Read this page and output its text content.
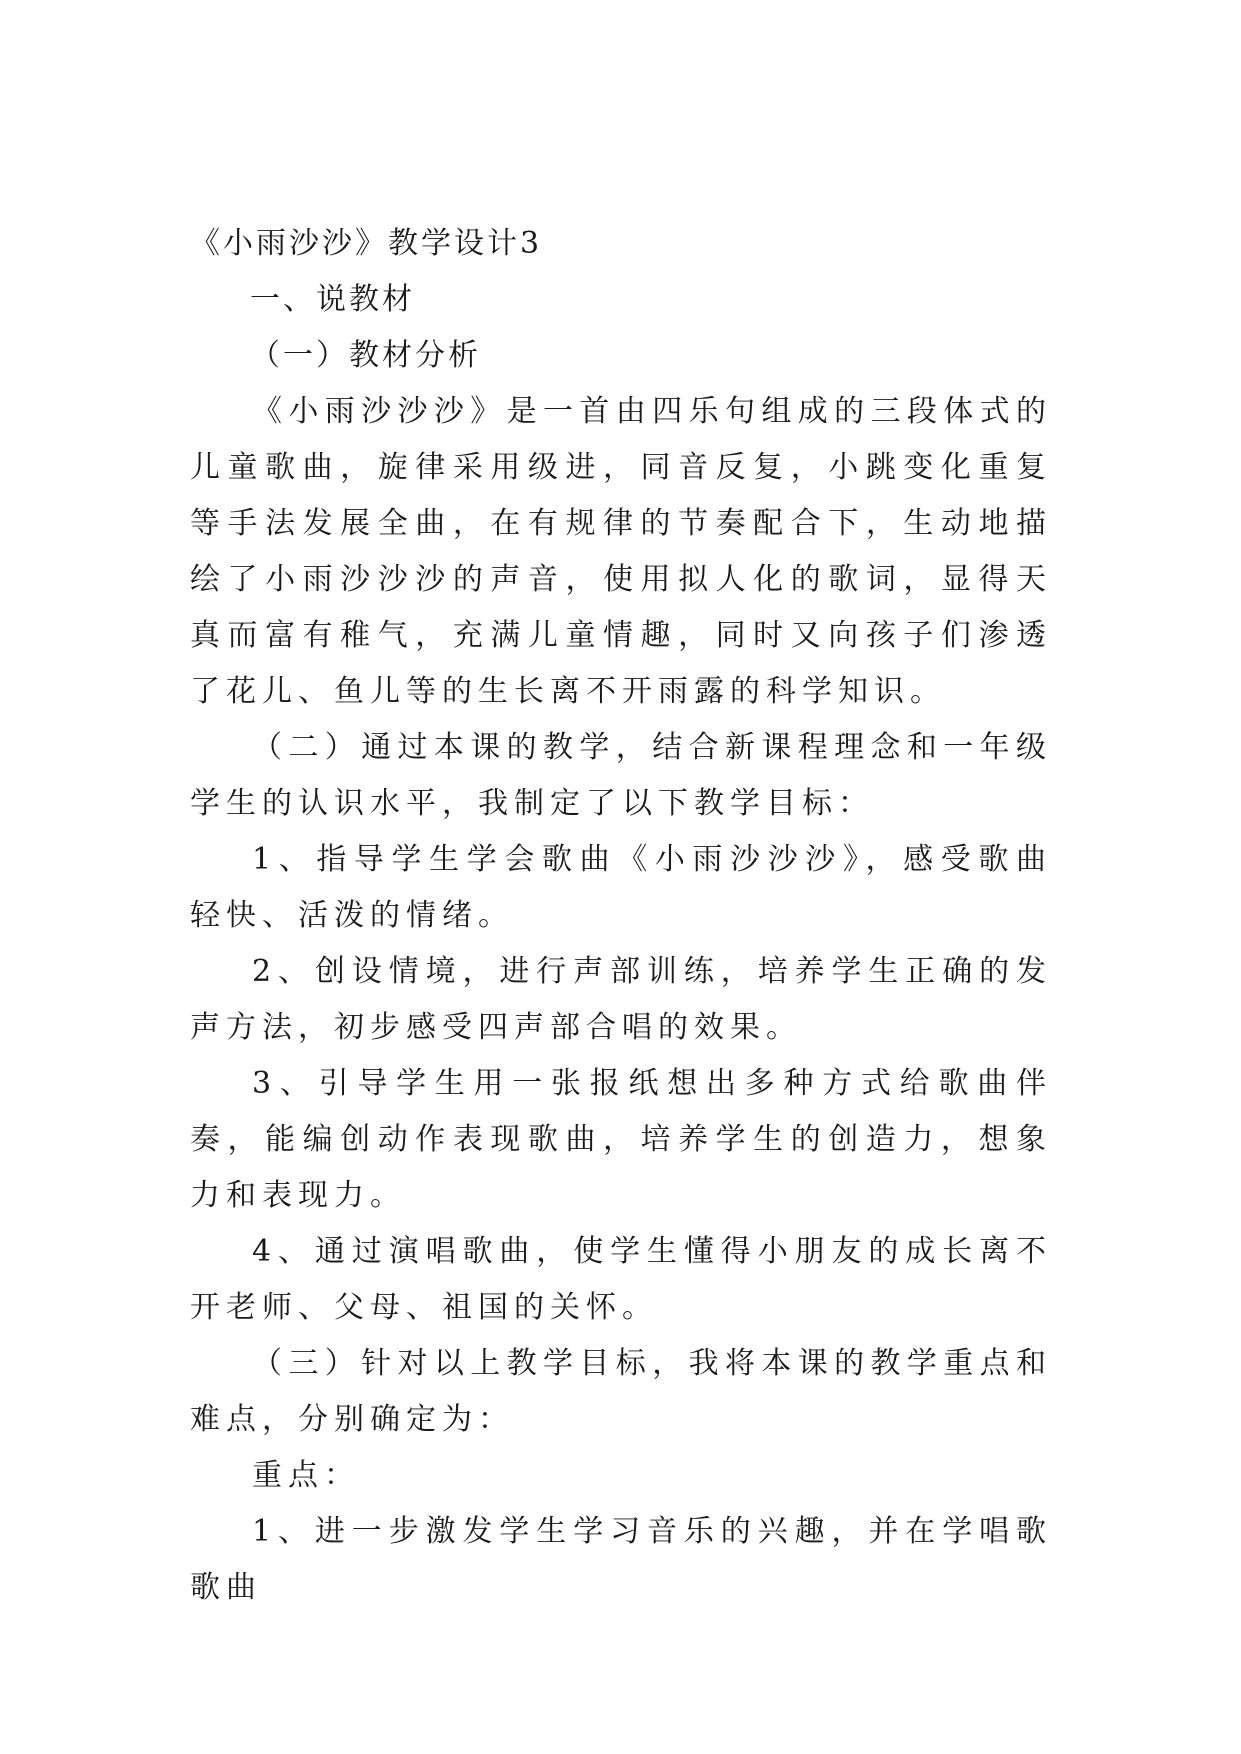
《小雨沙沙》教学设计3

一、说教材

（一）教材分析

《小雨沙沙沙》是一首由四乐句组成的三段体式的儿童歌曲，旋律采用级进，同音反复，小跳变化重复等手法发展全曲，在有规律的节奏配合下，生动地描绘了小雨沙沙沙的声音，使用拟人化的歌词，显得天真而富有稚气，充满儿童情趣，同时又向孩子们渗透了花儿、鱼儿等的生长离不开雨露的科学知识。

（二）通过本课的教学，结合新课程理念和一年级学生的认识水平，我制定了以下教学目标：

1、指导学生学会歌曲《小雨沙沙沙》，感受歌曲轻快、活泼的情绪。

2、创设情境，进行声部训练，培养学生正确的发声方法，初步感受四声部合唱的效果。

3、引导学生用一张报纸想出多种方式给歌曲伴奏，能编创动作表现歌曲，培养学生的创造力，想象力和表现力。

4、通过演唱歌曲，使学生懂得小朋友的成长离不开老师、父母、祖国的关怀。

（三）针对以上教学目标，我将本课的教学重点和难点，分别确定为：

重点：

1、进一步激发学生学习音乐的兴趣，并在学唱歌歌曲
